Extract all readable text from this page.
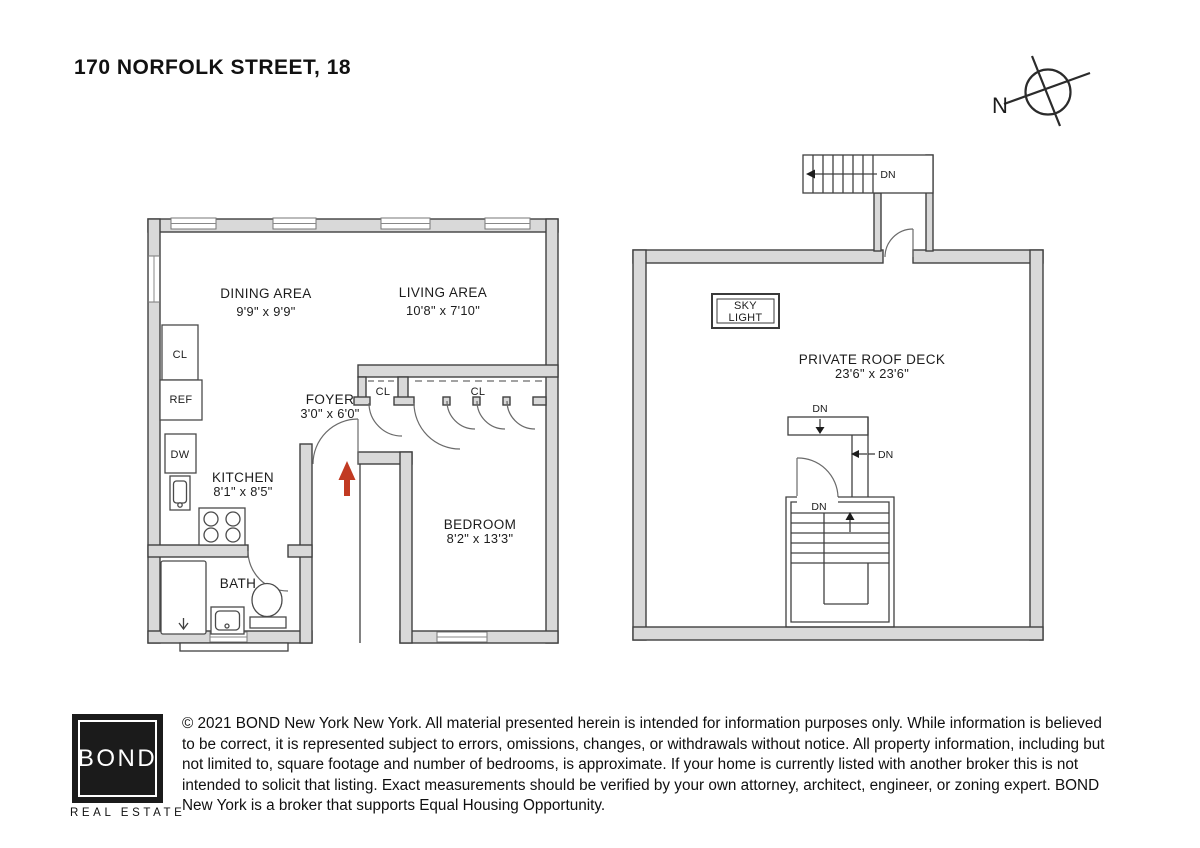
N
DINING AREA
9'9" x 9'9"
LIVING AREA
10'8" x 7'10"
FOYER
3'0" x 6'0"
KITCHEN
8'1" x 8'5"
BEDROOM
8'2" x 13'3"
BATH
CL
REF
DW
CL	CL
DN
SKY
LIGHT
PRIVATE ROOF DECK
23'6" x 23'6"
DN
DN
DN
170 NORFOLK STREET, 18
BOND
REAL ESTATE
© 2021 BOND New York New York. All material presented herein is intended for information purposes only. While information is believed to be correct, it is represented subject to errors, omissions, changes, or withdrawals without notice. All property information, including but not limited to, square footage and number of bedrooms, is approximate. If your home is currently listed with another broker this is not intended to solicit that listing. Exact measurements should be verified by your own attorney, architect, engineer, or zoning expert. BOND New York is a broker that supports Equal Housing Opportunity.
